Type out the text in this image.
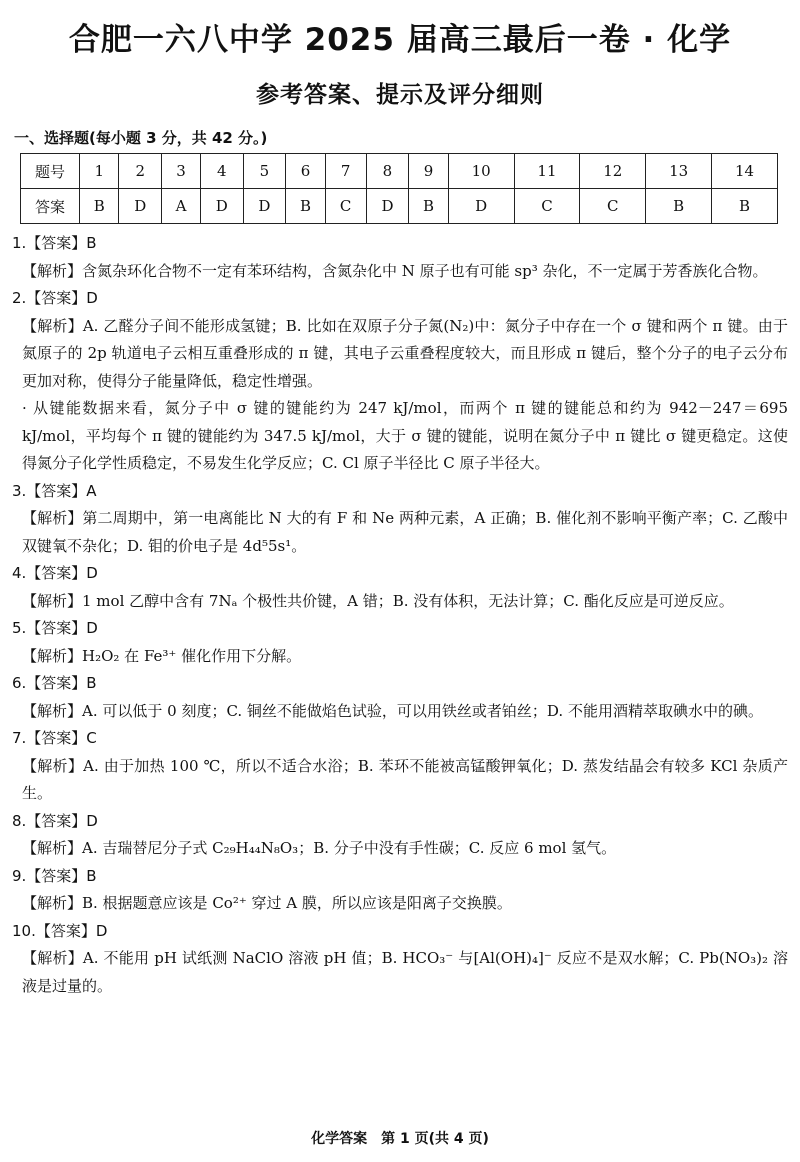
合肥一六八中学 2025 届高三最后一卷 · 化学
参考答案、提示及评分细则
一、选择题(每小题 3 分，共 42 分。)
题号	1	2	3	4	5	6	7	8	9	10	11	12	13	14
答案	B	D	A	D	D	B	C	D	B	D	C	C	B	B
1.【答案】B

【解析】含氮杂环化合物不一定有苯环结构，含氮杂化中 N 原子也有可能 sp³ 杂化，不一定属于芳香族化合物。

2.【答案】D

【解析】A. 乙醛分子间不能形成氢键；B. 比如在双原子分子氮(N₂)中：氮分子中存在一个 σ 键和两个 π 键。由于氮原子的 2p 轨道电子云相互重叠形成的 π 键，其电子云重叠程度较大，而且形成 π 键后，整个分子的电子云分布更加对称，使得分子能量降低，稳定性增强。

· 从键能数据来看，氮分子中 σ 键的键能约为 247 kJ/mol，而两个 π 键的键能总和约为 942－247＝695 kJ/mol，平均每个 π 键的键能约为 347.5 kJ/mol，大于 σ 键的键能，说明在氮分子中 π 键比 σ 键更稳定。这使得氮分子化学性质稳定，不易发生化学反应；C. Cl 原子半径比 C 原子半径大。

3.【答案】A

【解析】第二周期中，第一电离能比 N 大的有 F 和 Ne 两种元素，A 正确；B. 催化剂不影响平衡产率；C. 乙酸中双键氧不杂化；D. 钼的价电子是 4d⁵5s¹。

4.【答案】D

【解析】1 mol 乙醇中含有 7Nₐ 个极性共价键，A 错；B. 没有体积，无法计算；C. 酯化反应是可逆反应。

5.【答案】D

【解析】H₂O₂ 在 Fe³⁺ 催化作用下分解。

6.【答案】B

【解析】A. 可以低于 0 刻度；C. 铜丝不能做焰色试验，可以用铁丝或者铂丝；D. 不能用酒精萃取碘水中的碘。

7.【答案】C

【解析】A. 由于加热 100 ℃，所以不适合水浴；B. 苯环不能被高锰酸钾氧化；D. 蒸发结晶会有较多 KCl 杂质产生。

8.【答案】D

【解析】A. 吉瑞替尼分子式 C₂₉H₄₄N₈O₃；B. 分子中没有手性碳；C. 反应 6 mol 氢气。

9.【答案】B

【解析】B. 根据题意应该是 Co²⁺ 穿过 A 膜，所以应该是阳离子交换膜。

10.【答案】D

【解析】A. 不能用 pH 试纸测 NaClO 溶液 pH 值；B. HCO₃⁻ 与[Al(OH)₄]⁻ 反应不是双水解；C. Pb(NO₃)₂ 溶液是过量的。

化学答案　第 1 页(共 4 页)
